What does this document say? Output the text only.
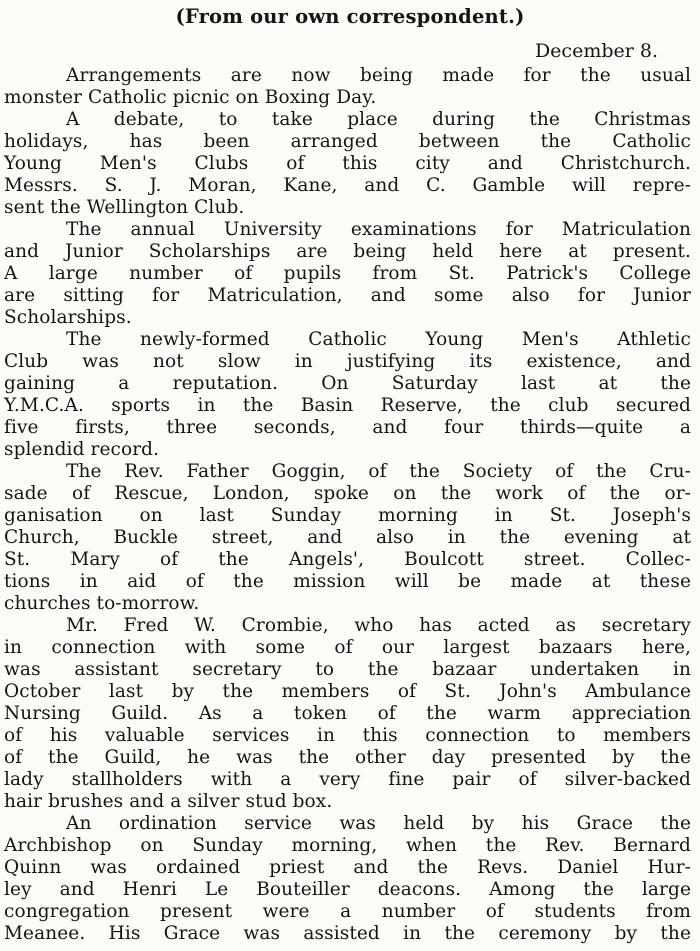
(From our own correspondent.)
December 8.
Arrangements are now being made for the usual
monster Catholic picnic on Boxing Day.
A debate, to take place during the Christmas
holidays, has been arranged between the Catholic
Young Men's Clubs of this city and Christchurch.
Messrs. S. J. Moran, Kane, and C. Gamble will repre-
sent the Wellington Club.
The annual University examinations for Matriculation
and Junior Scholarships are being held here at present.
A large number of pupils from St. Patrick's College
are sitting for Matriculation, and some also for Junior
Scholarships.
The newly-formed Catholic Young Men's Athletic
Club was not slow in justifying its existence, and
gaining a reputation. On Saturday last at the
Y.M.C.A. sports in the Basin Reserve, the club secured
five firsts, three seconds, and four thirds—quite a
splendid record.
The Rev. Father Goggin, of the Society of the Cru-
sade of Rescue, London, spoke on the work of the or-
ganisation on last Sunday morning in St. Joseph's
Church, Buckle street, and also in the evening at
St. Mary of the Angels', Boulcott street. Collec-
tions in aid of the mission will be made at these
churches to-morrow.
Mr. Fred W. Crombie, who has acted as secretary
in connection with some of our largest bazaars here,
was assistant secretary to the bazaar undertaken in
October last by the members of St. John's Ambulance
Nursing Guild. As a token of the warm appreciation
of his valuable services in this connection to members
of the Guild, he was the other day presented by the
lady stallholders with a very fine pair of silver-backed
hair brushes and a silver stud box.
An ordination service was held by his Grace the
Archbishop on Sunday morning, when the Rev. Bernard
Quinn was ordained priest and the Revs. Daniel Hur-
ley and Henri Le Bouteiller deacons. Among the large
congregation present were a number of students from
Meanee. His Grace was assisted in the ceremony by the
